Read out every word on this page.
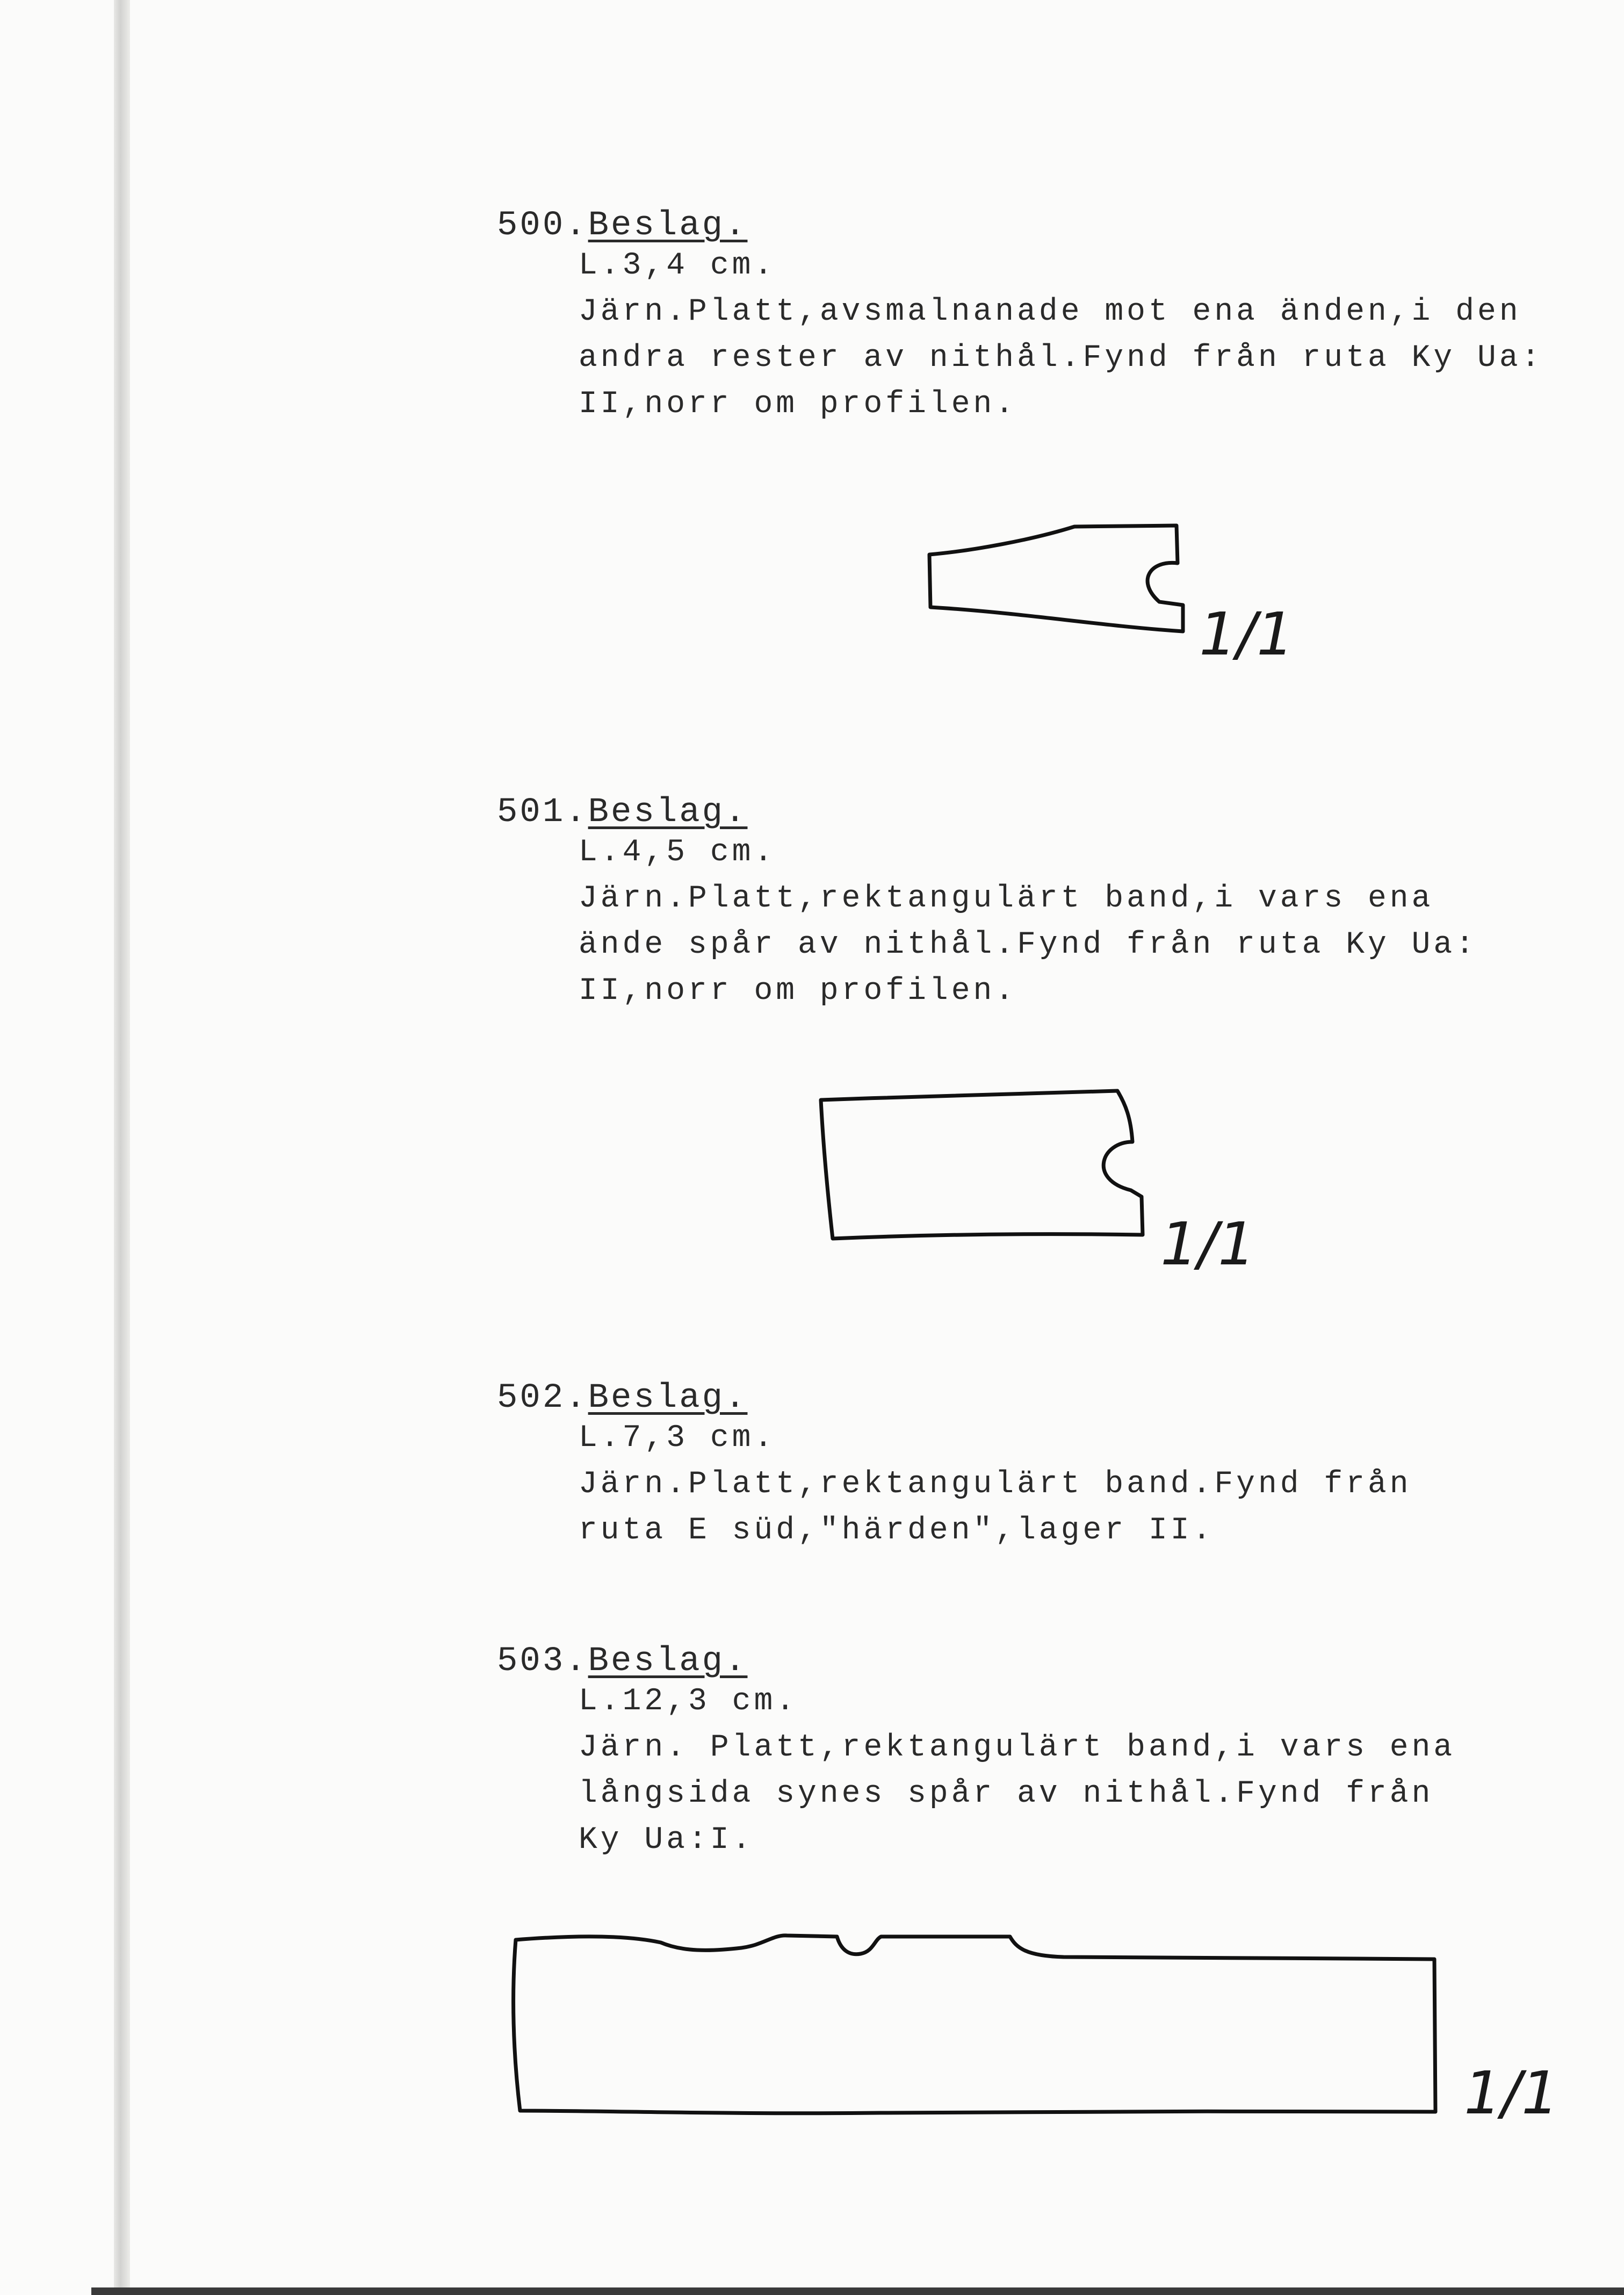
500.Beslag.

L.3,4 cm.

Järn.Platt,avsmalnanade mot ena änden,i den

andra rester av nithål.Fynd från ruta Ky Ua:

II,norr om profilen.

1/1
501.Beslag.

L.4,5 cm.

Järn.Platt,rektangulärt band,i vars ena

ände spår av nithål.Fynd från ruta Ky Ua:

II,norr om profilen.

1/1
502.Beslag.

L.7,3 cm.

Järn.Platt,rektangulärt band.Fynd från

ruta E süd,"härden",lager II.

503.Beslag.

L.12,3 cm.

Järn. Platt,rektangulärt band,i vars ena

långsida synes spår av nithål.Fynd från

Ky Ua:I.

1/1
